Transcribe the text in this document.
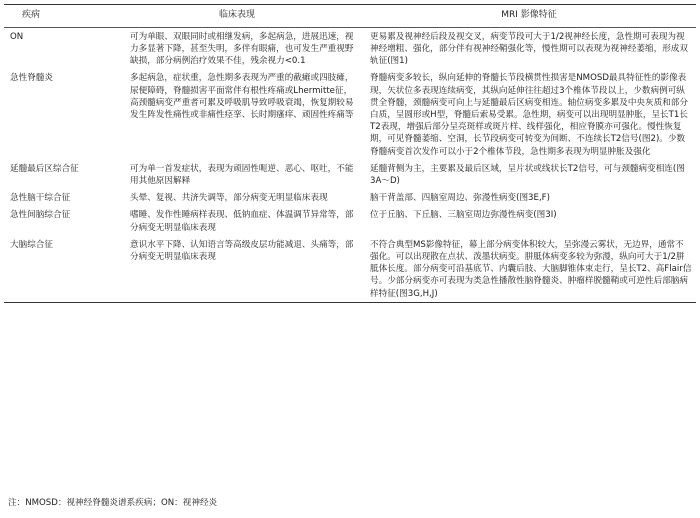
疾病	临床表现	MRI 影像特征
ON	可为单眼、双眼同时或相继发病，多起病急，进展迅速，视力多显著下降，甚至失明，多伴有眼痛，也可发生严重视野缺损，部分病例治疗效果不佳，残余视力<0.1	更易累及视神经后段及视交叉，病变节段可大于1/2视神经长度，急性期可表现为视神经增粗、强化，部分伴有视神经鞘强化等，慢性期可以表现为视神经萎缩，形成双轨征(图1)
急性脊髓炎	多起病急，症状重，急性期多表现为严重的截瘫或四肢瘫，尿便障碍，脊髓损害平面常伴有根性疼痛或Lhermitte征，高颈髓病变严重者可累及呼吸肌导致呼吸衰竭，恢复期较易发生阵发性痛性或非痛性痉挛、长时期瘙痒、顽固性疼痛等	脊髓病变多较长，纵向延伸的脊髓长节段横贯性损害是NMOSD最具特征性的影像表现，矢状位多表现连续病变，其纵向延伸往往超过3个椎体节段以上，少数病例可纵贯全脊髓，颈髓病变可向上与延髓最后区病变相连。轴位病变多累及中央灰质和部分白质，呈圆形或H型，脊髓后索易受累。急性期，病变可以出现明显肿胀，呈长T1长T2表现，增强后部分呈亮斑样或斑片样、线样强化，相应脊膜亦可强化。慢性恢复期，可见脊髓萎缩、空洞，长节段病变可转变为间断、不连续长T2信号(图2)。少数脊髓病变首次发作可以小于2个椎体节段，急性期多表现为明显肿胀及强化
延髓最后区综合征	可为单一首发症状，表现为顽固性呃逆、恶心、呕吐，不能用其他原因解释	延髓背侧为主，主要累及最后区域，呈片状或线状长T2信号，可与颈髓病变相连(图3A～D)
急性脑干综合征	头晕、复视、共济失调等，部分病变无明显临床表现	脑干背盖部、四脑室周边、弥漫性病变(图3E,F)
急性间脑综合征	嗜睡、发作性睡病样表现、低钠血症、体温调节异常等，部分病变无明显临床表现	位于丘脑、下丘脑、三脑室周边弥漫性病变(图3I)
大脑综合征	意识水平下降、认知语言等高级皮层功能减退、头痛等，部分病变无明显临床表现	不符合典型MS影像特征，幕上部分病变体积较大，呈弥漫云雾状，无边界，通常不强化。可以出现散在点状、泼墨状病变。胼胝体病变多较为弥漫，纵向可大于1/2胼胝体长度。部分病变可沿基底节、内囊后肢、大脑脚锥体束走行，呈长T2、高Flair信号。少部分病变亦可表现为类急性播散性脑脊髓炎、肿瘤样脱髓鞘或可逆性后部脑病样特征(图3G,H,J)
注：NMOSD：视神经脊髓炎谱系疾病；ON：视神经炎
